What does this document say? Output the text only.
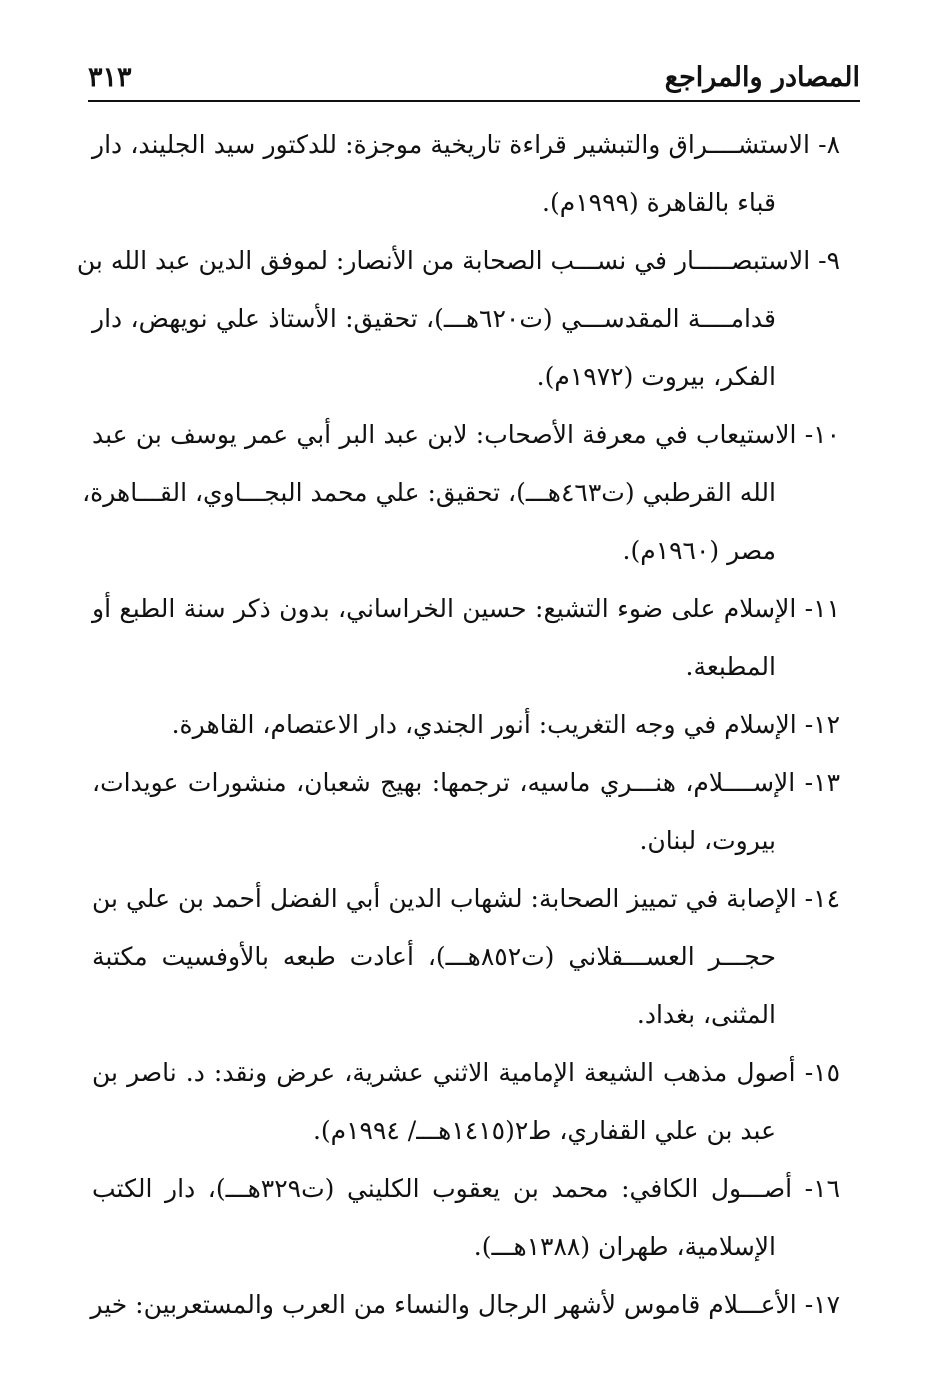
المصادر والمراجع
٣١٣
٨- الاستشــــراق والتبشير قراءة تاريخية موجزة: للدكتور سيد الجليند، دار
قباء بالقاهرة (١٩٩٩م).
٩- الاستبصـــــار في نســـب الصحابة من الأنصار: لموفق الدين عبد الله بن
قدامــــة المقدســـي (ت٦٢٠هـــ)، تحقيق: الأستاذ علي نويهض، دار
الفكر، بيروت (١٩٧٢م).
١٠- الاستيعاب في معرفة الأصحاب: لابن عبد البر أبي عمر يوسف بن عبد
الله القرطبي (ت٤٦٣هـــ)، تحقيق: علي محمد البجـــاوي، القـــاهرة،
مصر (١٩٦٠م).
١١- الإسلام على ضوء التشيع: حسين الخراساني، بدون ذكر سنة الطبع أو
المطبعة.
١٢- الإسلام في وجه التغريب: أنور الجندي، دار الاعتصام، القاهرة.
١٣- الإســــلام، هنـــري ماسيه، ترجمها: بهيج شعبان، منشورات عويدات،
بيروت، لبنان.
١٤- الإصابة في تمييز الصحابة: لشهاب الدين أبي الفضل أحمد بن علي بن
حجـــر العســـقلاني (ت٨٥٢هـــ)، أعادت طبعه بالأوفسيت مكتبة
المثنى، بغداد.
١٥- أصول مذهب الشيعة الإمامية الاثني عشرية، عرض ونقد: د. ناصر بن
عبد بن علي القفاري، ط٢(١٤١٥هـــ/ ١٩٩٤م).
١٦- أصـــول الكافي: محمد بن يعقوب الكليني (ت٣٢٩هـــ)، دار الكتب
الإسلامية، طهران (١٣٨٨هـــ).
١٧- الأعـــلام قاموس لأشهر الرجال والنساء من العرب والمستعربين: خير
